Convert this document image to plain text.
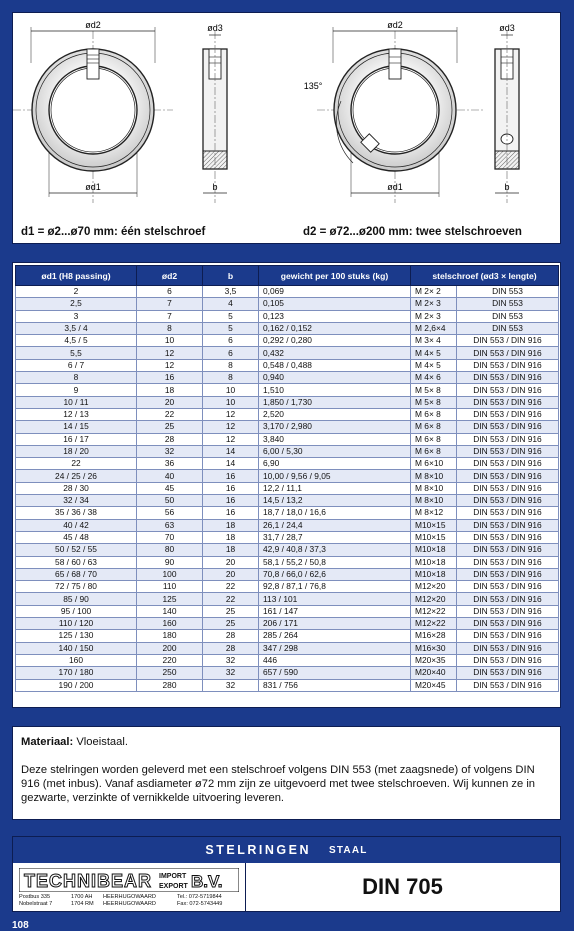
ød2
ød1
ød3
b
ød2
ød1
135°
ød3
b
d1 = ø2...ø70 mm: één stelschroef	d2 = ø72...ø200 mm: twee stelschroeven
ød1 (H8 passing)	ød2	b	gewicht per 100 stuks (kg)	stelschroef (ød3 × lengte)	
2	6	3,5	0,069	M 2× 2	DIN 553
2,5	7	4	0,105	M 2× 3	DIN 553
3	7	5	0,123	M 2× 3	DIN 553
3,5 / 4	8	5	0,162 / 0,152	M 2,6×4	DIN 553
4,5 / 5	10	6	0,292 / 0,280	M 3× 4	DIN 553 / DIN 916
5,5	12	6	0,432	M 4× 5	DIN 553 / DIN 916
6 / 7	12	8	0,548 / 0,488	M 4× 5	DIN 553 / DIN 916
8	16	8	0,940	M 4× 6	DIN 553 / DIN 916
9	18	10	1,510	M 5× 8	DIN 553 / DIN 916
10 / 11	20	10	1,850 / 1,730	M 5× 8	DIN 553 / DIN 916
12 / 13	22	12	2,520	M 6× 8	DIN 553 / DIN 916
14 / 15	25	12	3,170 / 2,980	M 6× 8	DIN 553 / DIN 916
16 / 17	28	12	3,840	M 6× 8	DIN 553 / DIN 916
18 / 20	32	14	6,00 / 5,30	M 6× 8	DIN 553 / DIN 916
22	36	14	6,90	M 6×10	DIN 553 / DIN 916
24 / 25 / 26	40	16	10,00 / 9,56 / 9,05	M 8×10	DIN 553 / DIN 916
28 / 30	45	16	12,2 / 11,1	M 8×10	DIN 553 / DIN 916
32 / 34	50	16	14,5 / 13,2	M 8×10	DIN 553 / DIN 916
35 / 36 / 38	56	16	18,7 / 18,0 / 16,6	M 8×12	DIN 553 / DIN 916
40 / 42	63	18	26,1 / 24,4	M10×15	DIN 553 / DIN 916
45 / 48	70	18	31,7 / 28,7	M10×15	DIN 553 / DIN 916
50 / 52 / 55	80	18	42,9 / 40,8 / 37,3	M10×18	DIN 553 / DIN 916
58 / 60 / 63	90	20	58,1 / 55,2 / 50,8	M10×18	DIN 553 / DIN 916
65 / 68 / 70	100	20	70,8 / 66,0 / 62,6	M10×18	DIN 553 / DIN 916
72 / 75 / 80	110	22	92,8 / 87,1 / 76,8	M12×20	DIN 553 / DIN 916
85 / 90	125	22	113 / 101	M12×20	DIN 553 / DIN 916
95 / 100	140	25	161 / 147	M12×22	DIN 553 / DIN 916
110 / 120	160	25	206 / 171	M12×22	DIN 553 / DIN 916
125 / 130	180	28	285 / 264	M16×28	DIN 553 / DIN 916
140 / 150	200	28	347 / 298	M16×30	DIN 553 / DIN 916
160	220	32	446	M20×35	DIN 553 / DIN 916
170 / 180	250	32	657 / 590	M20×40	DIN 553 / DIN 916
190 / 200	280	32	831 / 756	M20×45	DIN 553 / DIN 916

Materiaal: Vloeistaal.

Deze stelringen worden geleverd met een stelschroef volgens DIN 553 (met zaagsnede) of volgens DIN 916 (met inbus). Vanaf asdiameter ø72 mm zijn ze uitgevoerd met twee stelschroeven. Wij kunnen ze in gezwarte, verzinkte of vernikkelde uitvoering leveren.

STELRINGEN STAAL
TECHNIBEAR IMPORT
EXPORT B.V.
Postbus 335
Nobelstraat 7
1700 AH
1704 RM
HEERHUGOWAARD
HEERHUGOWAARD
Tel.: 072-5719844
Fax: 072-5743449
DIN 705
108
